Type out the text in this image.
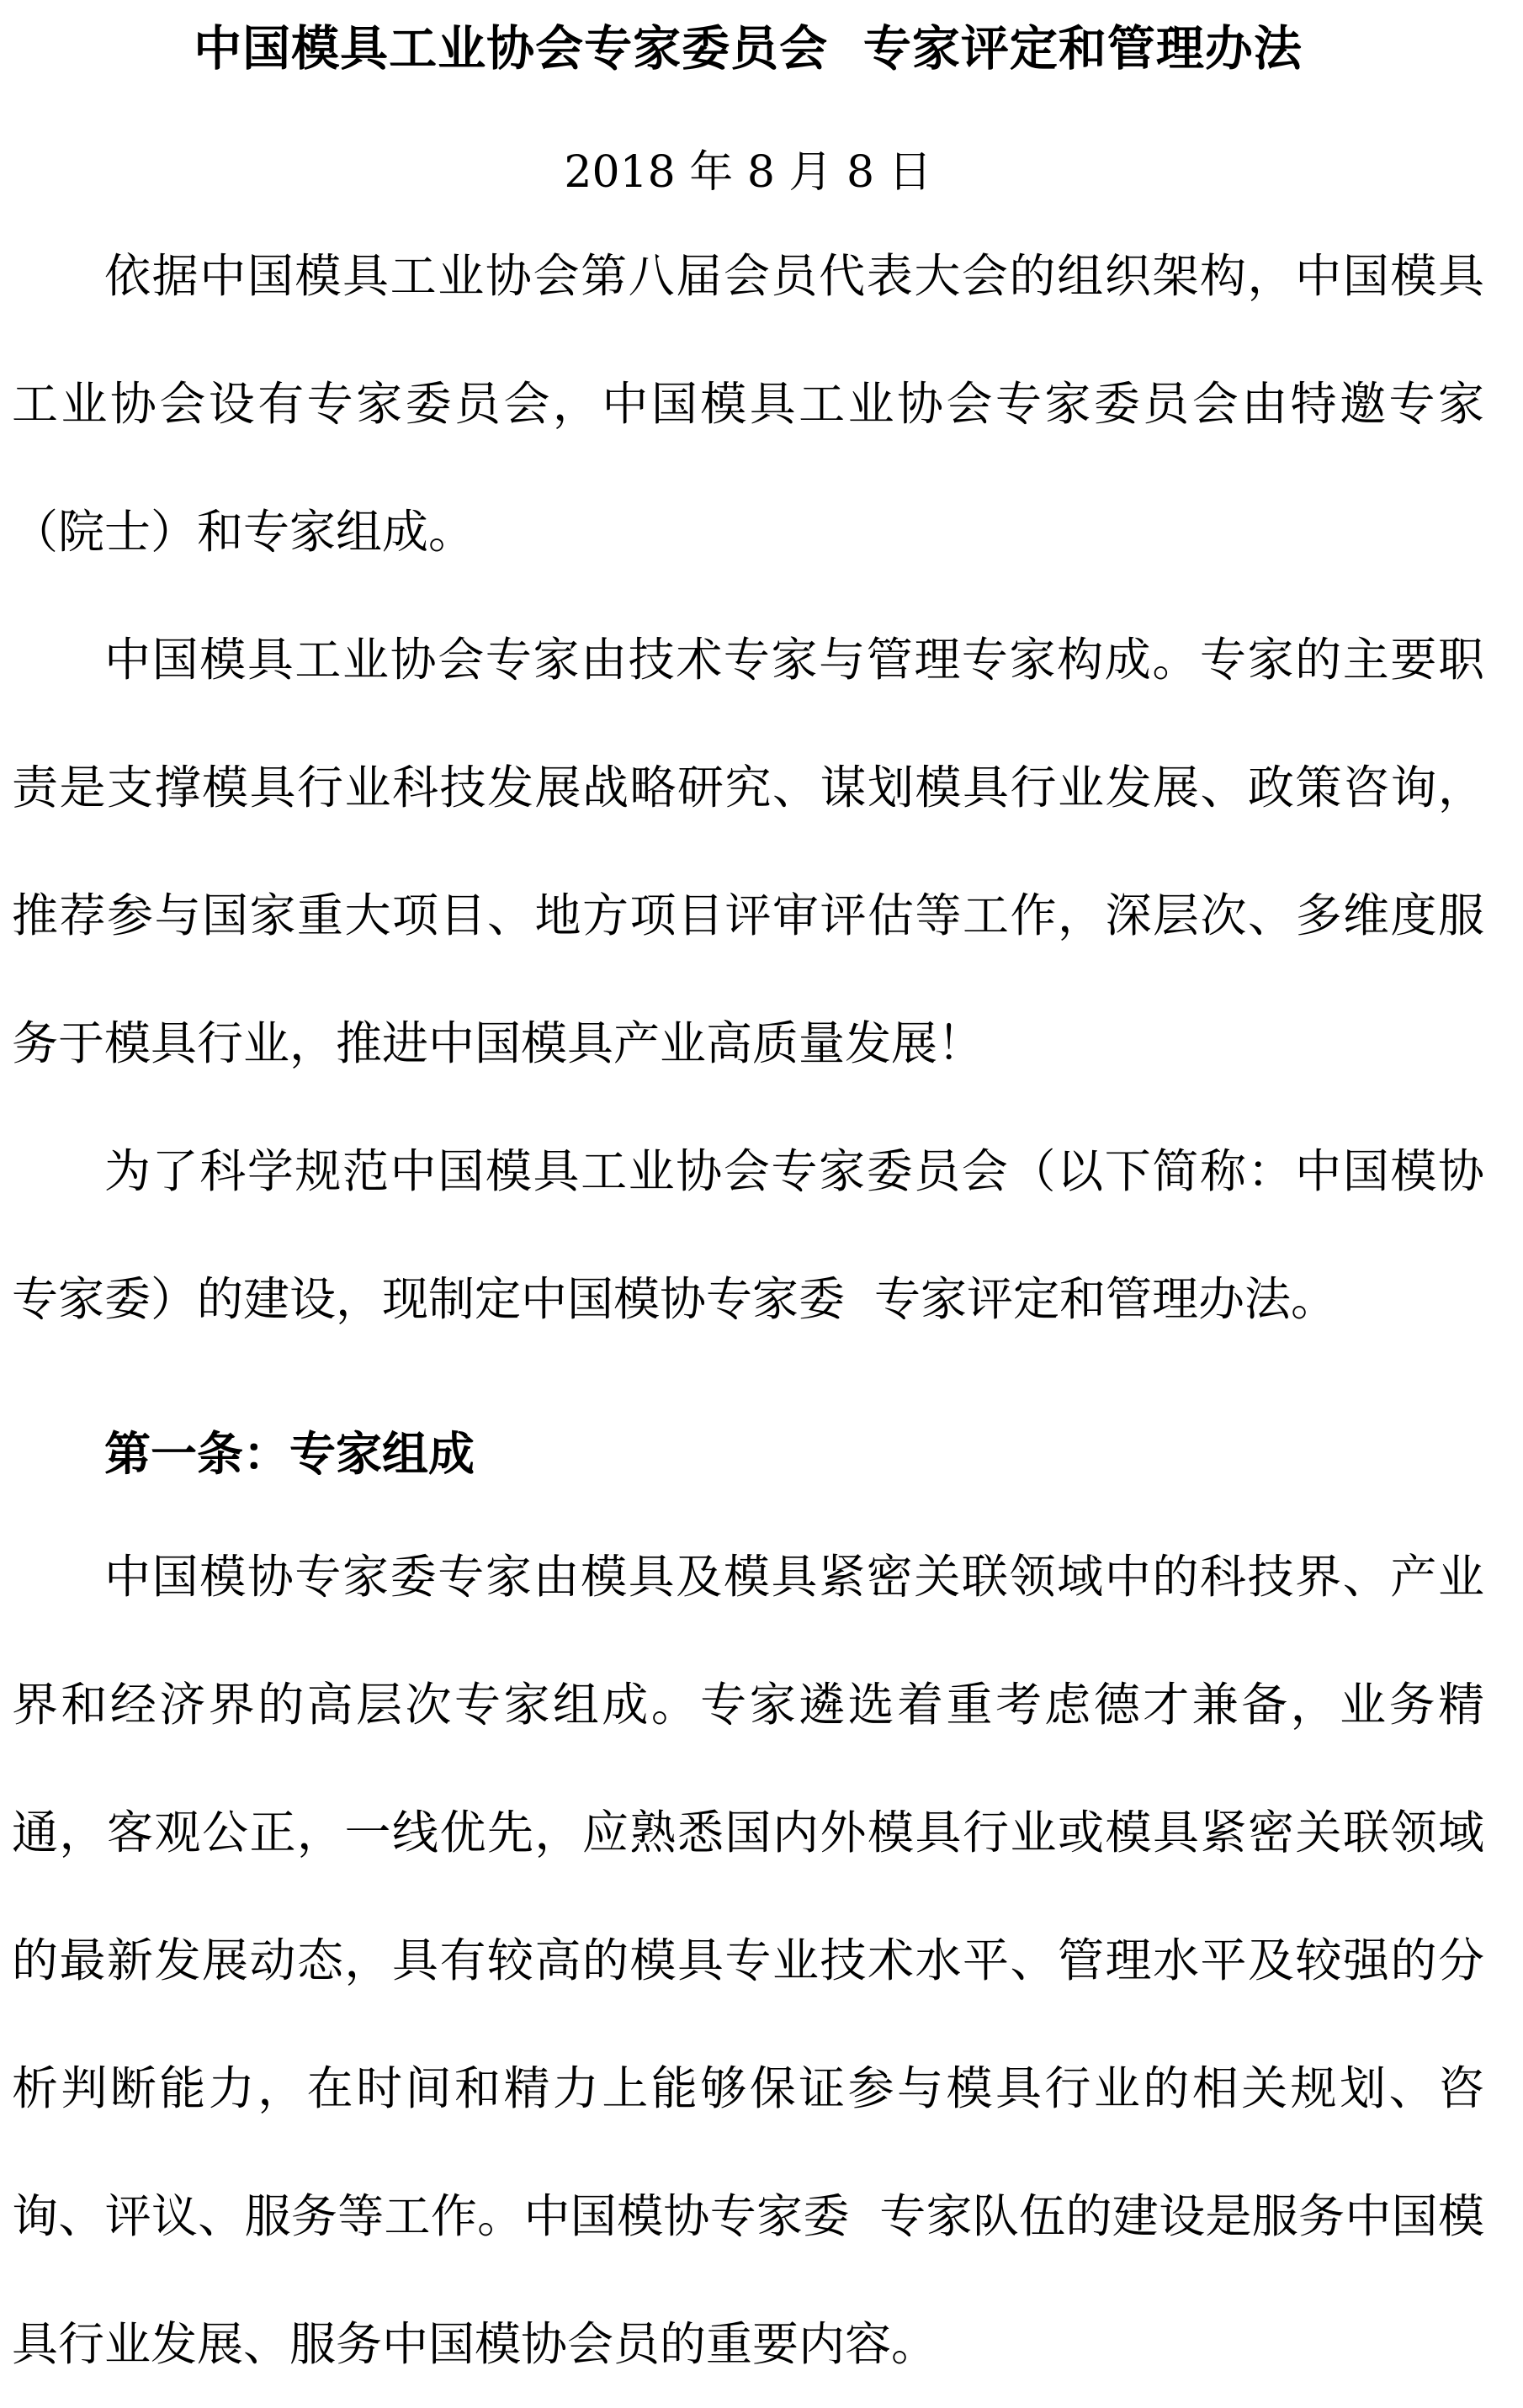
中国模具工业协会专家委员会  专家评定和管理办法
2018 年 8 月 8 日

依据中国模具工业协会第八届会员代表大会的组织架构，中国模具工业协会设有专家委员会，中国模具工业协会专家委员会由特邀专家（院士）和专家组成。

中国模具工业协会专家由技术专家与管理专家构成。专家的主要职责是支撑模具行业科技发展战略研究、谋划模具行业发展、政策咨询，推荐参与国家重大项目、地方项目评审评估等工作，深层次、多维度服务于模具行业，推进中国模具产业高质量发展！

为了科学规范中国模具工业协会专家委员会（以下简称：中国模协专家委）的建设，现制定中国模协专家委  专家评定和管理办法。

第一条：专家组成

中国模协专家委专家由模具及模具紧密关联领域中的科技界、产业界和经济界的高层次专家组成。专家遴选着重考虑德才兼备，业务精通，客观公正，一线优先，应熟悉国内外模具行业或模具紧密关联领域的最新发展动态，具有较高的模具专业技术水平、管理水平及较强的分析判断能力，在时间和精力上能够保证参与模具行业的相关规划、咨询、评议、服务等工作。中国模协专家委  专家队伍的建设是服务中国模具行业发展、服务中国模协会员的重要内容。
